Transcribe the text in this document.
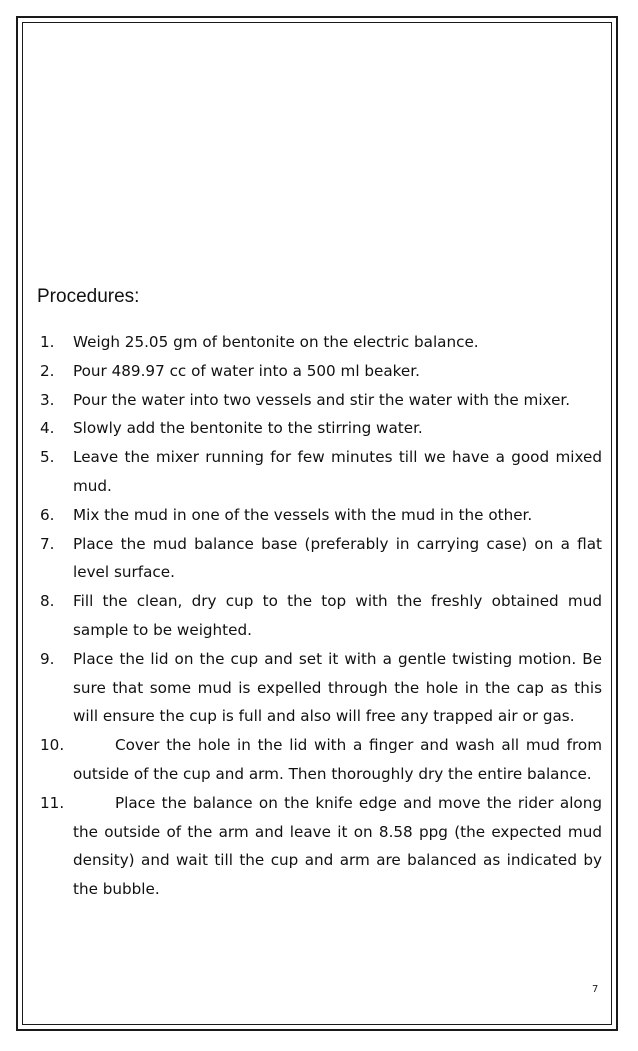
Procedures:
1. Weigh 25.05 gm of bentonite on the electric balance.
2. Pour 489.97 cc of water into a 500 ml beaker.
3. Pour the water into two vessels and stir the water with the mixer.
4. Slowly add the bentonite to the stirring water.
5. Leave the mixer running for few minutes till we have a good mixed mud.
6. Mix the mud in one of the vessels with the mud in the other.
7. Place the mud balance base (preferably in carrying case) on a flat level surface.
8. Fill the clean, dry cup to the top with the freshly obtained mud sample to be weighted.
9. Place the lid on the cup and set it with a gentle twisting motion. Be sure that some mud is expelled through the hole in the cap as this will ensure the cup is full and also will free any trapped air or gas.
10.	Cover the hole in the lid with a finger and wash all mud from outside of the cup and arm. Then thoroughly dry the entire balance.
11.	Place the balance on the knife edge and move the rider along the outside of the arm and leave it on 8.58 ppg (the expected mud density) and wait till the cup and arm are balanced as indicated by the bubble.
7
